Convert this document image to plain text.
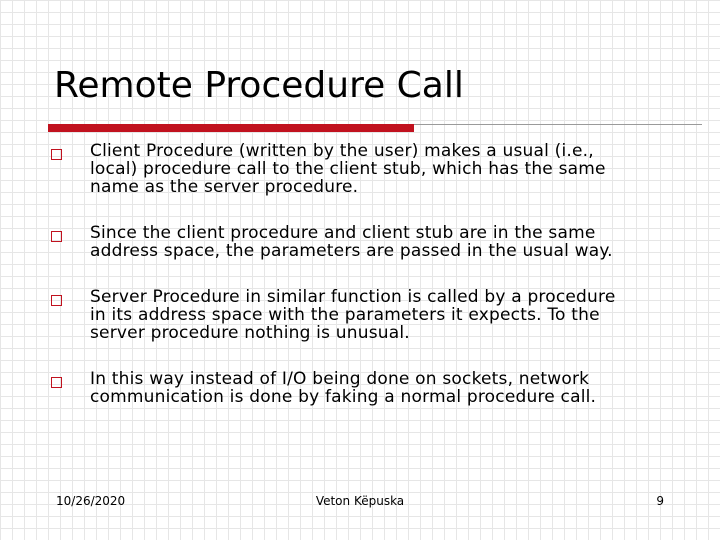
Remote Procedure Call
Client Procedure (written by the user) makes a usual (i.e.,
local) procedure call to the client stub, which has the same
name as the server procedure.
Since the client procedure and client stub are in the same
address space, the parameters are passed in the usual way.
Server Procedure in similar function is called by a procedure
in its address space with the parameters it expects. To the
server procedure nothing is unusual.
In this way instead of I/O being done on sockets, network
communication is done by faking a normal procedure call.
10/26/2020	Veton Këpuska	9
